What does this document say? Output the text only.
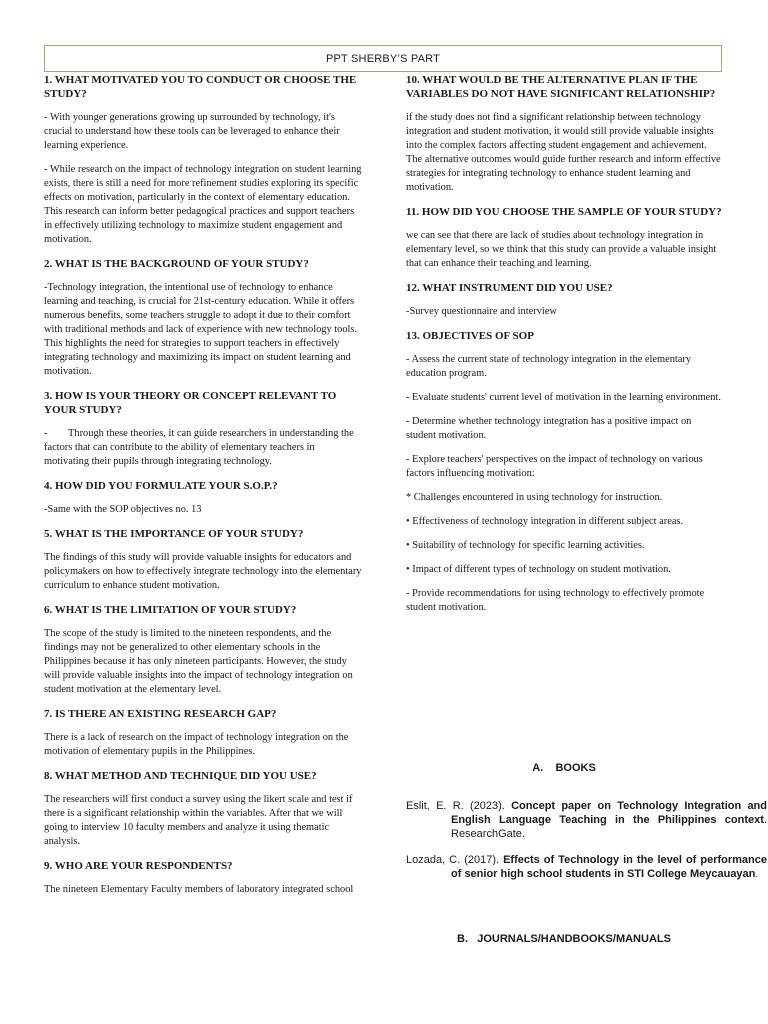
PPT SHERBY’S PART
1. WHAT MOTIVATED YOU TO CONDUCT OR CHOOSE THE STUDY?
- With younger generations growing up surrounded by technology, it's crucial to understand how these tools can be leveraged to enhance their learning experience.
- While research on the impact of technology integration on student learning exists, there is still a need for more refinement studies exploring its specific effects on motivation, particularly in the context of elementary education. This research can inform better pedagogical practices and support teachers in effectively utilizing technology to maximize student engagement and motivation.
2. WHAT IS THE BACKGROUND OF YOUR STUDY?
-Technology integration, the intentional use of technology to enhance learning and teaching, is crucial for 21st-century education. While it offers numerous benefits, some teachers struggle to adopt it due to their comfort with traditional methods and lack of experience with new technology tools. This highlights the need for strategies to support teachers in effectively integrating technology and maximizing its impact on student learning and motivation.
3. HOW IS YOUR THEORY OR CONCEPT RELEVANT TO YOUR STUDY?
-        Through these theories, it can guide researchers in understanding the factors that can contribute to the ability of elementary teachers in motivating their pupils through integrating technology.
4. HOW DID YOU FORMULATE YOUR S.O.P.?
-Same with the SOP objectives no. 13
5. WHAT IS THE IMPORTANCE OF YOUR STUDY?
The findings of this study will provide valuable insights for educators and policymakers on how to effectively integrate technology into the elementary curriculum to enhance student motivation.
6. WHAT IS THE LIMITATION OF YOUR STUDY?
The scope of the study is limited to the nineteen respondents, and the findings may not be generalized to other elementary schools in the Philippines because it has only nineteen participants. However, the study will provide valuable insights into the impact of technology integration on student motivation at the elementary level.
7. IS THERE AN EXISTING RESEARCH GAP?
There is a lack of research on the impact of technology integration on the motivation of elementary pupils in the Philippines.
8. WHAT METHOD AND TECHNIQUE DID YOU USE?
The researchers will first conduct a survey using the likert scale and test if there is a significant relationship within the variables. After that we will going to interview 10 faculty members and analyze it using thematic analysis.
9. WHO ARE YOUR RESPONDENTS?
The nineteen Elementary Faculty members of laboratory integrated school
10. WHAT WOULD BE THE ALTERNATIVE PLAN IF THE VARIABLES DO NOT HAVE SIGNIFICANT RELATIONSHIP?
if the study does not find a significant relationship between technology integration and student motivation, it would still provide valuable insights into the complex factors affecting student engagement and achievement. The alternative outcomes would guide further research and inform effective strategies for integrating technology to enhance student learning and motivation.
11. HOW DID YOU CHOOSE THE SAMPLE OF YOUR STUDY?
we can see that there are lack of studies about technology integration in elementary level, so we think that this study can provide a valuable insight that can enhance their teaching and learning.
12. WHAT INSTRUMENT DID YOU USE?
-Survey questionnaire and interview
13. OBJECTIVES OF SOP
- Assess the current state of technology integration in the elementary education program.
- Evaluate students' current level of motivation in the learning environment.
- Determine whether technology integration has a positive impact on student motivation.
- Explore teachers' perspectives on the impact of technology on various factors influencing motivation:
* Challenges encountered in using technology for instruction.
• Effectiveness of technology integration in different subject areas.
• Suitability of technology for specific learning activities.
• Impact of different types of technology on student motivation.
- Provide recommendations for using technology to effectively promote student motivation.
A.    BOOKS
Eslit, E. R. (2023). Concept paper on Technology Integration and English Language Teaching in the Philippines context. ResearchGate.
Lozada, C. (2017). Effects of Technology in the level of performance of senior high school students in STI College Meycauayan.
B.   JOURNALS/HANDBOOKS/MANUALS
